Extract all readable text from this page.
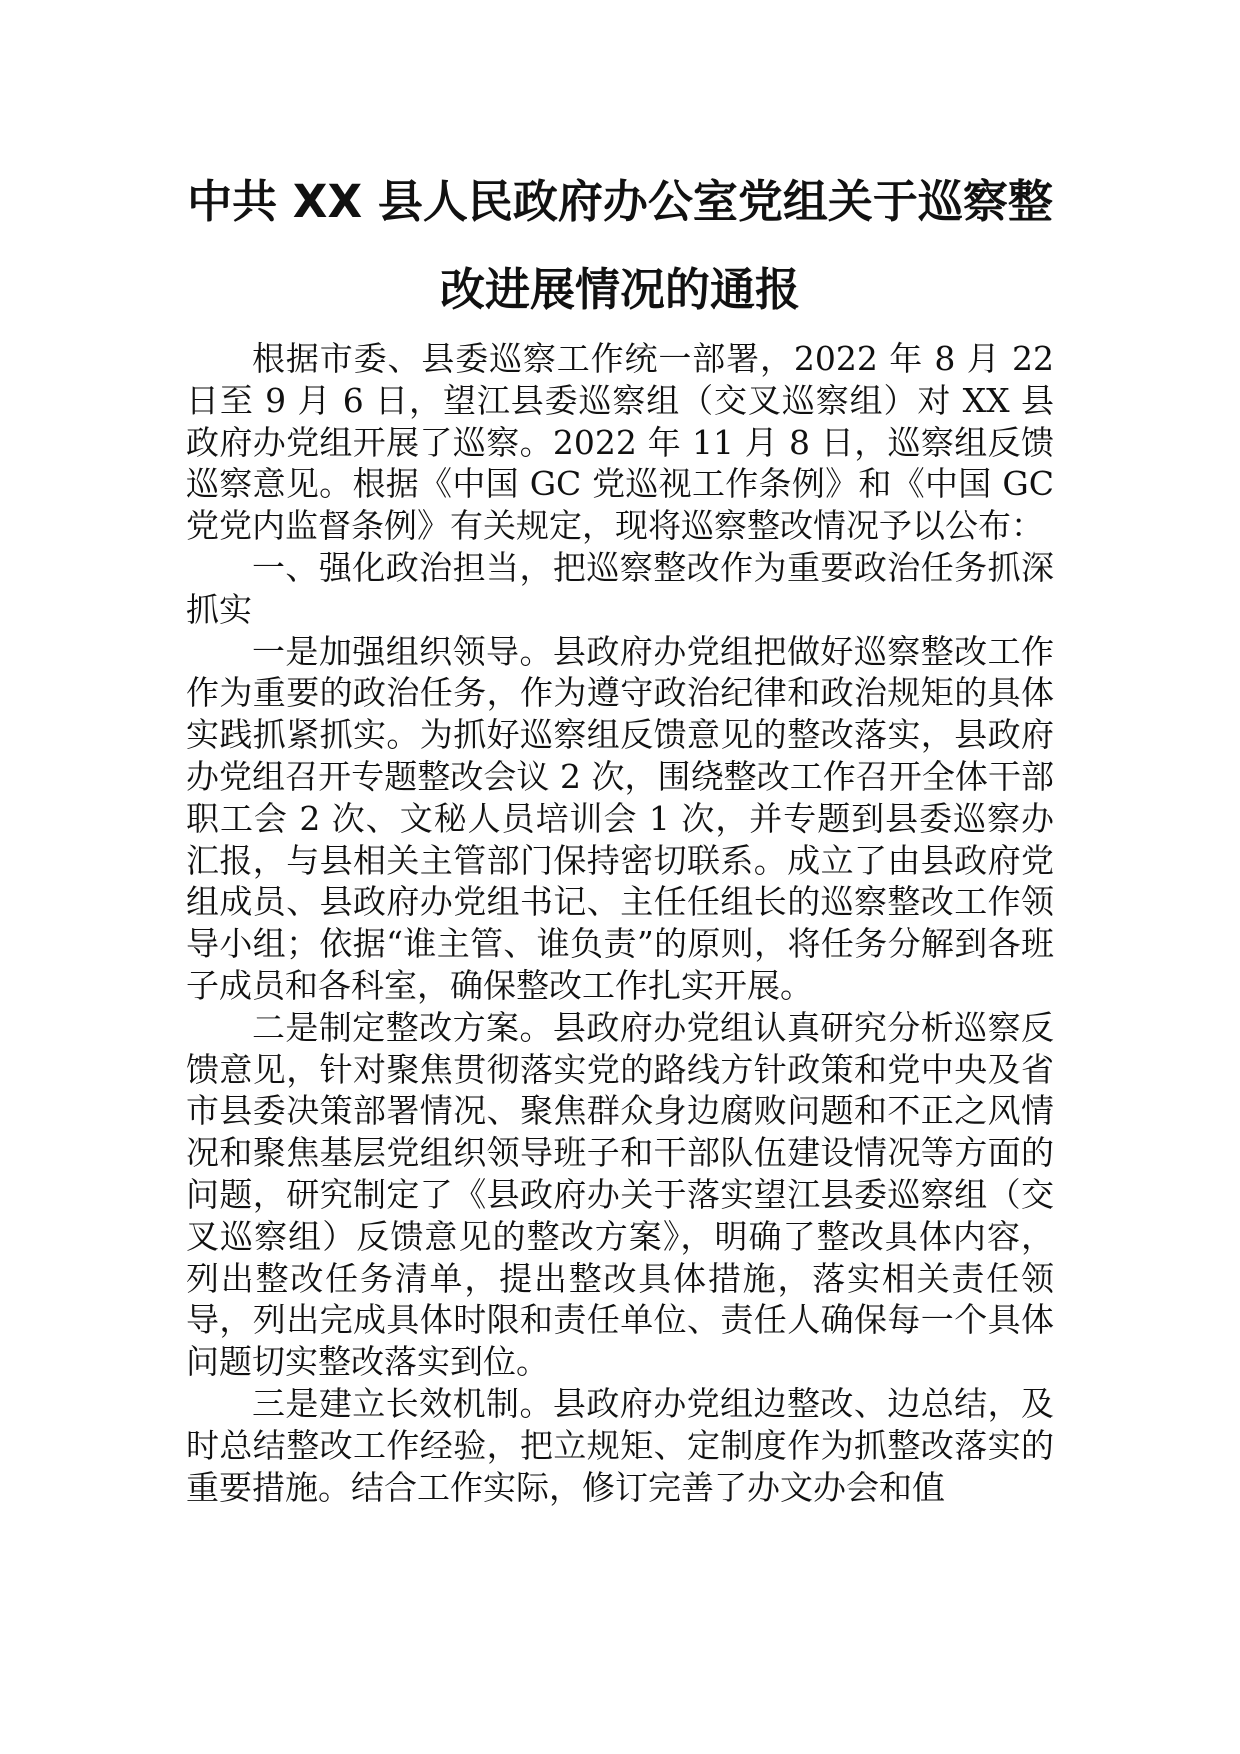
中共 XX 县人民政府办公室党组关于巡察整
改进展情况的通报

根据市委、县委巡察工作统一部署，2022 年 8 月 22 日至 9 月 6 日，望江县委巡察组（交叉巡察组）对 XX 县政府办党组开展了巡察。2022 年 11 月 8 日，巡察组反馈巡察意见。根据《中国 GC 党巡视工作条例》和《中国 GC 党党内监督条例》有关规定，现将巡察整改情况予以公布：

一、强化政治担当，把巡察整改作为重要政治任务抓深抓实

一是加强组织领导。县政府办党组把做好巡察整改工作作为重要的政治任务，作为遵守政治纪律和政治规矩的具体实践抓紧抓实。为抓好巡察组反馈意见的整改落实，县政府办党组召开专题整改会议 2 次，围绕整改工作召开全体干部职工会 2 次、文秘人员培训会 1 次，并专题到县委巡察办汇报，与县相关主管部门保持密切联系。成立了由县政府党组成员、县政府办党组书记、主任任组长的巡察整改工作领导小组；依据“谁主管、谁负责”的原则，将任务分解到各班子成员和各科室，确保整改工作扎实开展。

二是制定整改方案。县政府办党组认真研究分析巡察反馈意见，针对聚焦贯彻落实党的路线方针政策和党中央及省市县委决策部署情况、聚焦群众身边腐败问题和不正之风情况和聚焦基层党组织领导班子和干部队伍建设情况等方面的问题，研究制定了《县政府办关于落实望江县委巡察组（交叉巡察组）反馈意见的整改方案》，明确了整改具体内容，列出整改任务清单，提出整改具体措施，落实相关责任领导，列出完成具体时限和责任单位、责任人确保每一个具体问题切实整改落实到位。

三是建立长效机制。县政府办党组边整改、边总结，及时总结整改工作经验，把立规矩、定制度作为抓整改落实的重要措施。结合工作实际，修订完善了办文办会和值
